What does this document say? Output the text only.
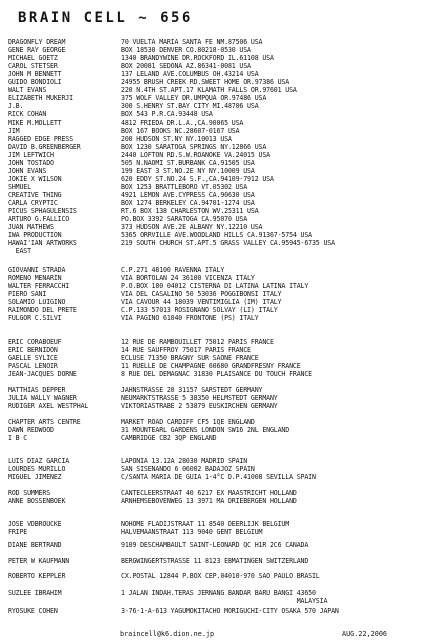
BRAIN CELL ~ 656
DRAGONFLY DREAM	70 VUELTA MARIA SANTA FE NM.87506 USA
GENE RAY GEORGE	BOX 18530 DENVER CO.80218-0530 USA
MICHAEL GOETZ	1340 BRANDYWINE DR.ROCKFORD IL.61108 USA
CAROL STETSER	BOX 20081 SEDONA AZ.86341-0081 USA
JOHN M BENNETT	137 LELAND AVE.COLUMBUS OH.43214 USA
GUIDO BONDIOLI	24955 BRUSH CREEK RD.SWEET HOME OR.97386 USA
WALT EVANS	220 N.4TH ST.APT.17 KLAMATH FALLS OR.97601 USA
ELIZABETH MUKERJI	375 WOLF VALLEY DR.UMPQUA OR.97486 USA
J.B.	300 S.HENRY ST.BAY CITY MI.48706 USA
RICK COHAN	BOX 543 P.R.CA.93448 USA
MIKE M.MOLLETT	4812 FRIEDA DR.L.A.,CA.90065 USA
JIM	BOX 167 BOOKS NC.28607-0167 USA
RAGGED EDGE PRESS	200 HUDSON ST.NY NY.10013 USA
DAVID B.GREENBERGER	BOX 1230 SARATOGA SPRINGS NY.12866 USA
JIM LEFTWICH	2440 LOFTON RD.S.W.ROANOKE VA.24015 USA
JOHN TOSTADO	505 N.NAOMI ST.BURBANK CA.91505 USA
JOHN EVANS	199 EAST 3 ST.NO.2E NY NY.10009 USA
JOKIE X WILSON	620 EDDY ST.NO.24 S.F.,CA.94109-7912 USA
SHMUEL	BOX 1253 BRATTLEBORO VT.05302 USA
CREATIVE THING	4921 LEMON AVE.CYPRESS CA.90630 USA
CARLA CRYPTIC	BOX 1274 BERKELEY CA.94701-1274 USA
PICUS SPHAGULENSIS	RT.6 BOX 138 CHARLESTON WV.25311 USA
ARTURO G.FALLICO	PO.BOX 3392 SARATOGA CA.95070 USA
JUAN MATHEWS	373 HUDSON AVE.2E ALBANY NY.12210 USA
IWA PRODUCTION	5365 ORRVILLE AVE.WOODLAND HILLS CA.91367-5754 USA
HAWAI'IAN ARTWORKS	219 SOUTH CHURCH ST.APT.5 GRASS VALLEY CA.95945-6735 USA
EAST
GIOVANNI STRADA	C.P.271 48100 RAVENNA ITALY
ROMENO MENARIN	VIA BORTOLAN 24 36100 VICENZA ITALY
WALTER FERRACCHI	P.O.BOX 180 04012 CISTERNA DI LATINA LATINA ITALY
PIERO SANI	VIA DEL CASALINO 50 53036 POGGIBONSI ITALY
SOLAMIO LUIGINO	VIA CAVOUR 44 18039 VENTIMIGLIA (IM) ITALY
RAIMONDO DEL PRETE	C.P.133 57013 ROSIGNANO SOLVAY (LI) ITALY
FULGOR C.SILVI	VIA PAGINO 61040 FRONTONE (PS) ITALY
ERIC CORABOEUF	12 RUE DE RAMBOUILLET 75012 PARIS FRANCE
ERIC BERNIDON	14 RUE SAUFFROY 75017 PARIS FRANCE
GAELLE SYLICE	ECLUSE 71350 BRAGNY SUR SAONE FRANCE
PASCAL LENOIR	11 RUELLE DE CHAMPAGNE 60680 GRANDFRESNY FRANCE
JEAN-JACQUES DORNE	8 RUE DEL DEMAGNAC 31830 PLAISANCE DU TOUCH FRANCE
MATTHIAS DEPPER	JAHNSTRASSE 20 31157 SARSTEDT GERMANY
JULIA WALLY WAGNER	NEUMARKTSTRASSE 5 38350 HELMSTEDT GERMANY
RUDIGER AXEL WESTPHAL	VIKTORIASTRABE 2 53879 EUSKIRCHEN GERMANY
CHAPTER ARTS CENTRE	MARKET ROAD CARDIFF CF5 1QE ENGLAND
DAWN REDWOOD	31 MOUNTEARL GARDENS LONDON SW16 2NL ENGLAND
I B C	CAMBRIDGE CB2 3QP ENGLAND
LUIS DIAZ GARCIA	LAPONIA 13.12A 28030 MADRID SPAIN
LOURDES MURILLO	SAN SISENANDO 6 06002 BADAJOZ SPAIN
MIGUEL JIMENEZ	C/SANTA MARIA DE GUIA 1-4°C D.P.41008 SEVILLA SPAIN
ROD SUMMERS	CANTECLEERSTRAAT 40 6217 EX MAASTRICHT HOLLAND
ANNE BOSSENBOEK	ARNHEMSEBOVENWEG 13 3971 MA DRIEBERGEN HOLLAND
JOSE VDBROUCKE	NOHOME FLADIJSTRAAT 11 8540 DEERLIJK BELGIUM
FRIPE	HALVEMAANSTRAAT 113 9040 GENT BELGIUM
DIANE BERTRAND	9109 DESCHAMBAULT SAINT-LEONARD QC H1R 2C6 CANADA
PETER W KAUFMANN	BERGWINGERTSTRASSE 11 8123 EBMATINGEN SWITZERLAND
ROBERTO KEPPLER	CX.POSTAL 12844 P.BOX CEP.04010-970 SAO PAULO BRASIL
SUZLEE IBRAHIM	1 JALAN INDAH.TERAS JERNANG BANDAR BARU BANGI 43650
MALAYSIA
RYOSUKE COHEN	3-76-1-A-613 YAGUMOKITACHO MORIGUCHI-CITY OSAKA 570 JAPAN
braincell@k6.dion.ne.jp	AUG.22,2006
